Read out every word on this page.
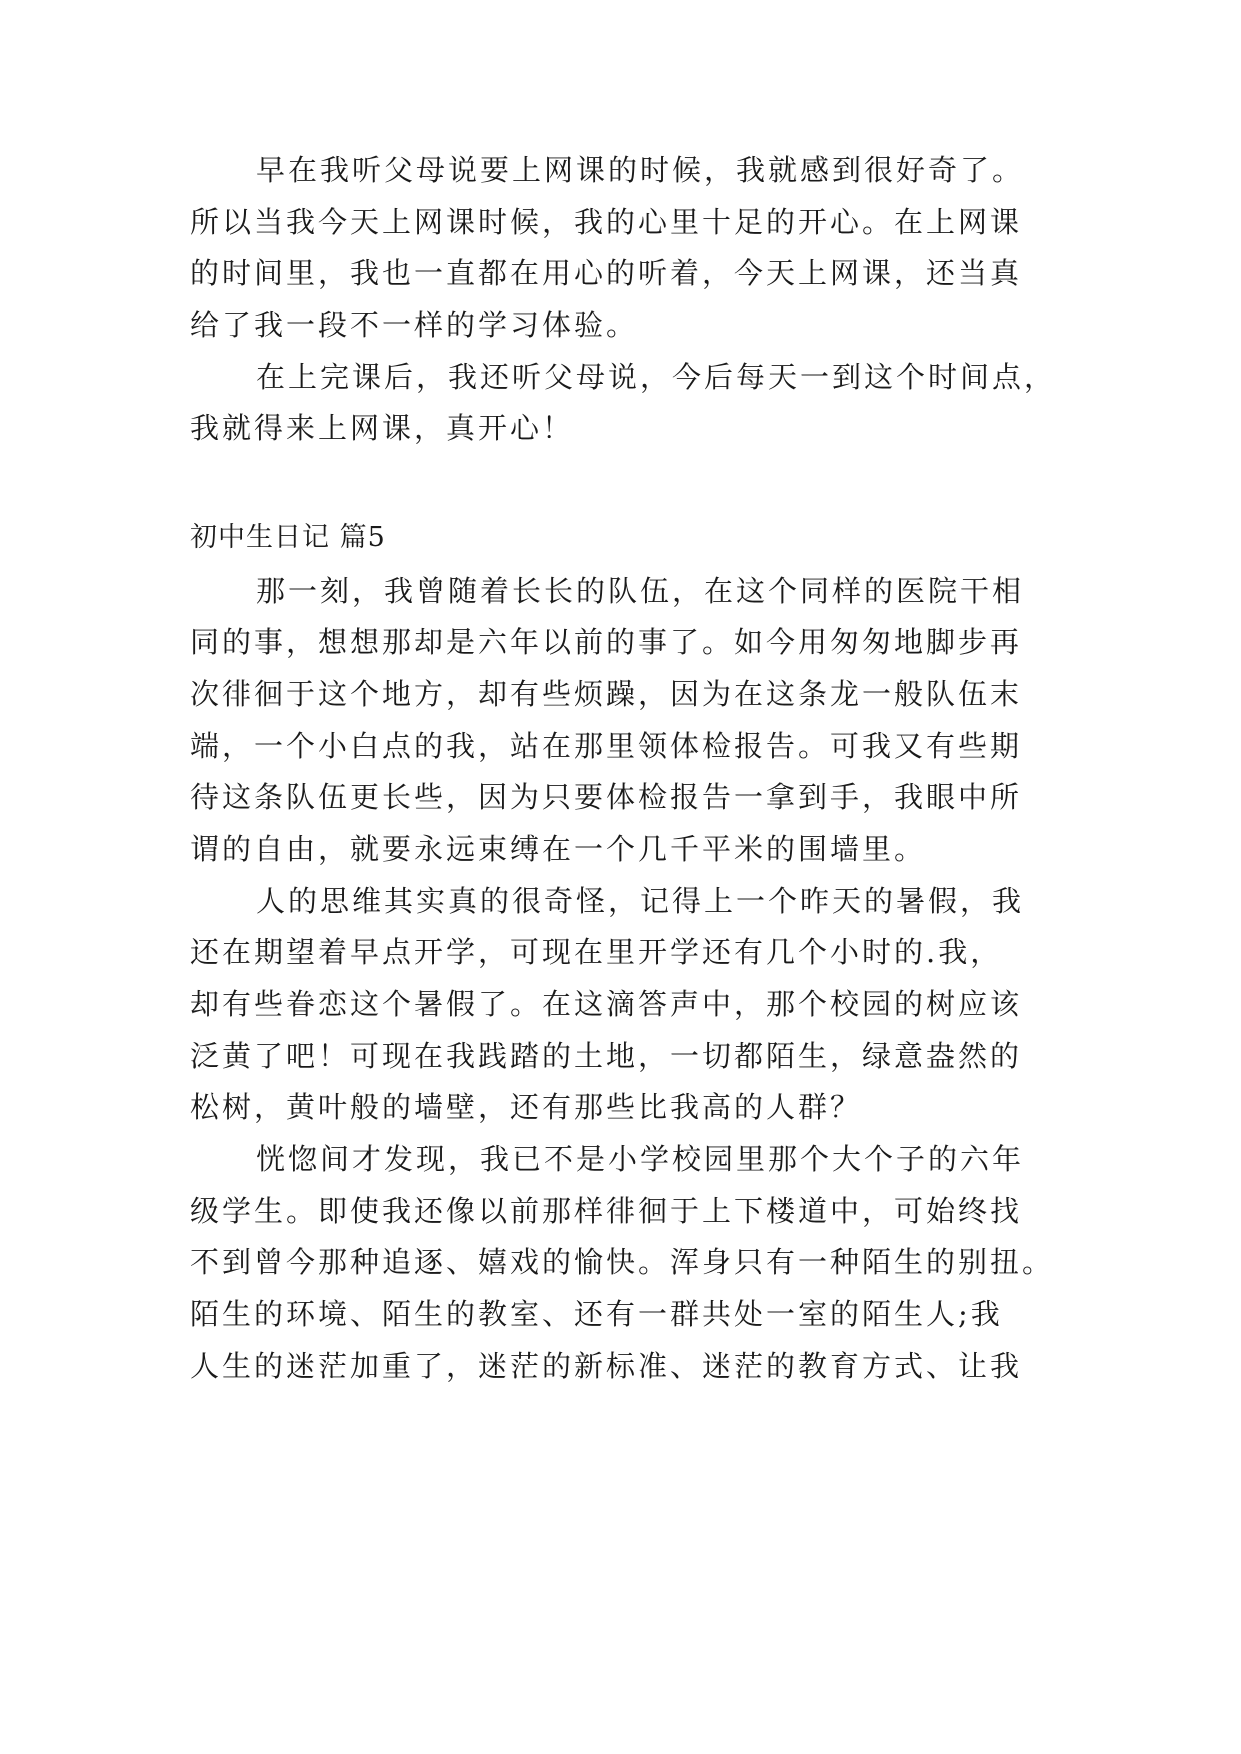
早在我听父母说要上网课的时候，我就感到很好奇了。
所以当我今天上网课时候，我的心里十足的开心。在上网课
的时间里，我也一直都在用心的听着，今天上网课，还当真
给了我一段不一样的学习体验。
在上完课后，我还听父母说，今后每天一到这个时间点，
我就得来上网课，真开心！
初中生日记 篇5
那一刻，我曾随着长长的队伍，在这个同样的医院干相
同的事，想想那却是六年以前的事了。如今用匆匆地脚步再
次徘徊于这个地方，却有些烦躁，因为在这条龙一般队伍末
端，一个小白点的我，站在那里领体检报告。可我又有些期
待这条队伍更长些，因为只要体检报告一拿到手，我眼中所
谓的自由，就要永远束缚在一个几千平米的围墙里。
人的思维其实真的很奇怪，记得上一个昨天的暑假，我
还在期望着早点开学，可现在里开学还有几个小时的.我，
却有些眷恋这个暑假了。在这滴答声中，那个校园的树应该
泛黄了吧！可现在我践踏的土地，一切都陌生，绿意盎然的
松树，黄叶般的墙壁，还有那些比我高的人群？
恍惚间才发现，我已不是小学校园里那个大个子的六年
级学生。即使我还像以前那样徘徊于上下楼道中，可始终找
不到曾今那种追逐、嬉戏的愉快。浑身只有一种陌生的别扭。
陌生的环境、陌生的教室、还有一群共处一室的陌生人;我
人生的迷茫加重了，迷茫的新标准、迷茫的教育方式、让我
